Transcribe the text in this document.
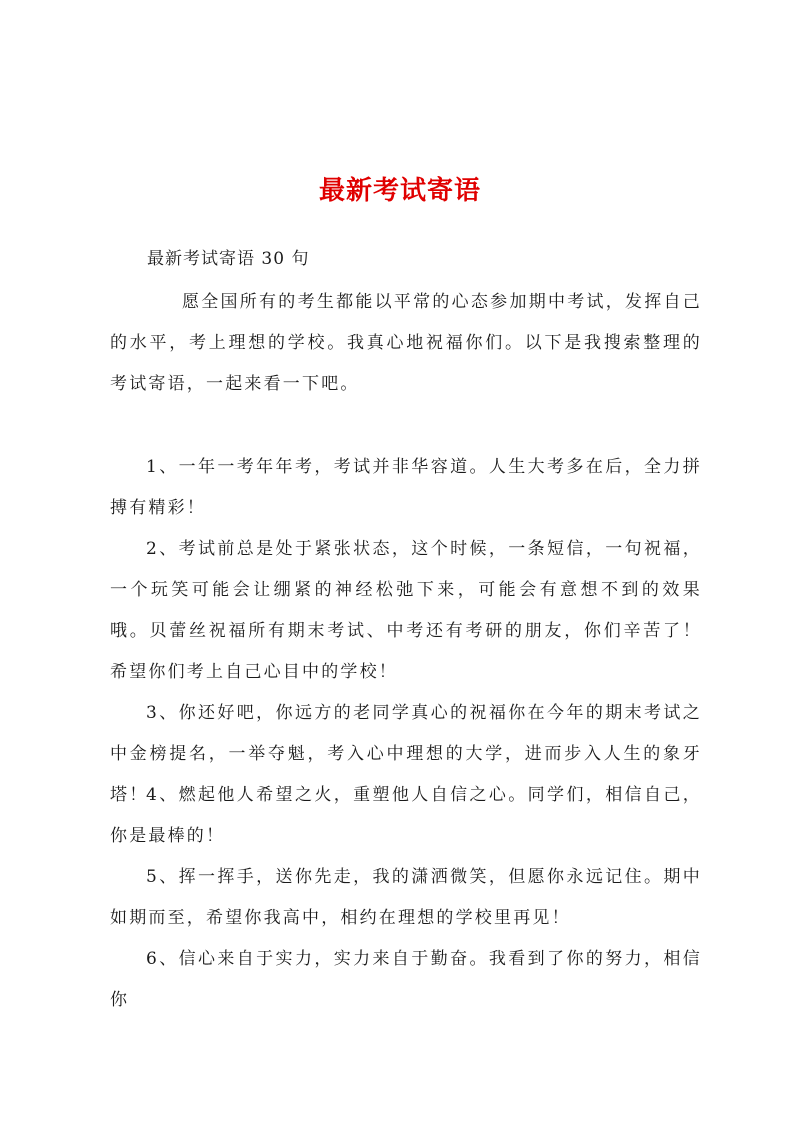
最新考试寄语
最新考试寄语 30 句

愿全国所有的考生都能以平常的心态参加期中考试，发挥自己的水平，考上理想的学校。我真心地祝福你们。以下是我搜索整理的考试寄语，一起来看一下吧。

1、一年一考年年考，考试并非华容道。人生大考多在后，全力拼搏有精彩！

2、考试前总是处于紧张状态，这个时候，一条短信，一句祝福，一个玩笑可能会让绷紧的神经松弛下来，可能会有意想不到的效果哦。贝蕾丝祝福所有期末考试、中考还有考研的朋友，你们辛苦了！希望你们考上自己心目中的学校！

3、你还好吧，你远方的老同学真心的祝福你在今年的期末考试之中金榜提名，一举夺魁，考入心中理想的大学，进而步入人生的象牙塔！

4、燃起他人希望之火，重塑他人自信之心。同学们，相信自己，你是最棒的！

5、挥一挥手，送你先走，我的潇洒微笑，但愿你永远记住。期中如期而至，希望你我高中，相约在理想的学校里再见！

6、信心来自于实力，实力来自于勤奋。我看到了你的努力，相信你
